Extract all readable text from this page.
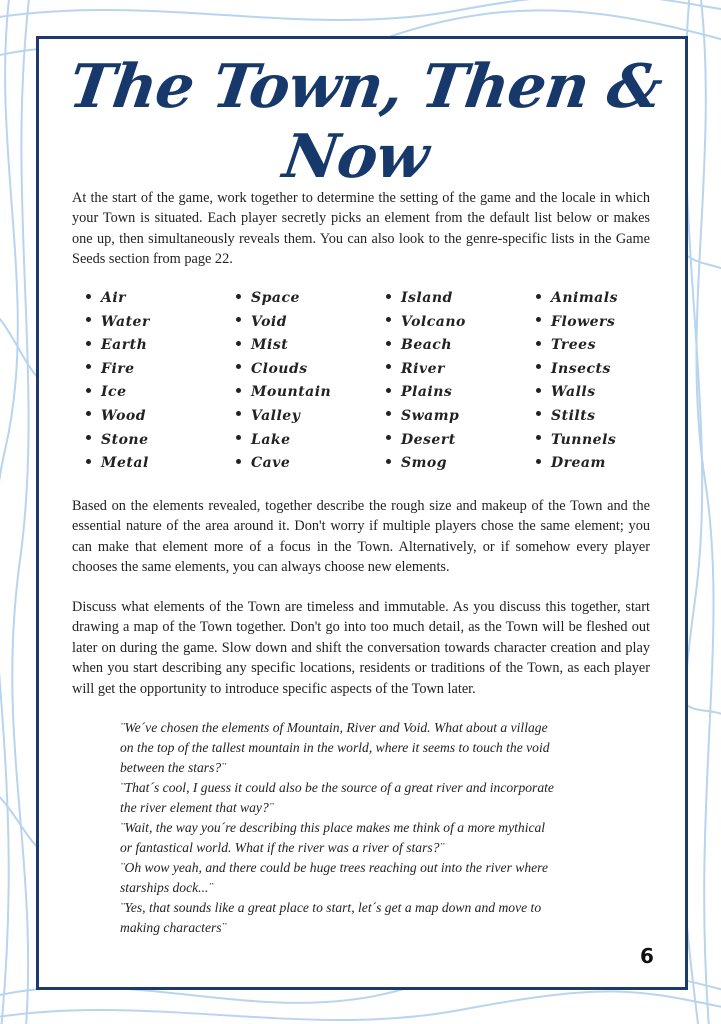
The Town, Then & Now

At the start of the game, work together to determine the setting of the game and the locale in which your Town is situated. Each player secretly picks an element from the default list below or makes one up, then simultaneously reveals them. You can also look to the genre-specific lists in the Game Seeds section from page 22.

Air
Water
Earth
Fire
Ice
Wood
Stone
Metal
Space
Void
Mist
Clouds
Mountain
Valley
Lake
Cave
Island
Volcano
Beach
River
Plains
Swamp
Desert
Smog
Animals
Flowers
Trees
Insects
Walls
Stilts
Tunnels
Dream

Based on the elements revealed, together describe the rough size and makeup of the Town and the essential nature of the area around it. Don't worry if multiple players chose the same element; you can make that element more of a focus in the Town. Alternatively, or if somehow every player chooses the same elements, you can always choose new elements.

Discuss what elements of the Town are timeless and immutable. As you discuss this together, start drawing a map of the Town together. Don't go into too much detail, as the Town will be fleshed out later on during the game. Slow down and shift the conversation towards character creation and play when you start describing any specific locations, residents or traditions of the Town, as each player will get the opportunity to introduce specific aspects of the Town later.

¨We´ve chosen the elements of Mountain, River and Void. What about a village
on the top of the tallest mountain in the world, where it seems to touch the void
between the stars?¨
¨That´s cool, I guess it could also be the source of a great river and incorporate
the river element that way?¨
¨Wait, the way you´re describing this place makes me think of a more mythical
or fantastical world. What if the river was a river of stars?¨
¨Oh wow yeah, and there could be huge trees reaching out into the river where
starships dock...¨
¨Yes, that sounds like a great place to start, let´s get a map down and move to
making characters¨
6
